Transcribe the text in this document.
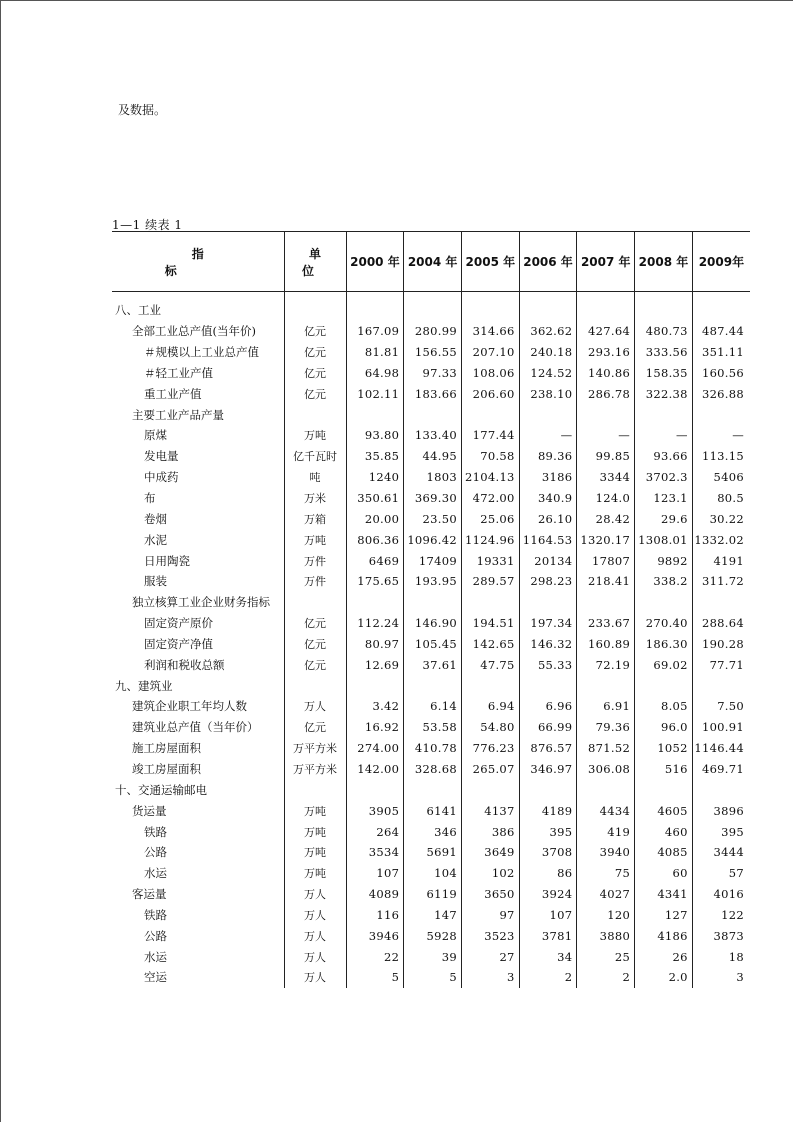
及数据。
1—1 续表 1
指标	单位	2000 年	2004 年	2005 年	2006 年	2007 年	2008 年	2009年
八、工业								
全部工业总产值(当年价)	亿元	167.09	280.99	314.66	362.62	427.64	480.73	487.44
＃规模以上工业总产值	亿元	81.81	156.55	207.10	240.18	293.16	333.56	351.11
＃轻工业产值	亿元	64.98	97.33	108.06	124.52	140.86	158.35	160.56
重工业产值	亿元	102.11	183.66	206.60	238.10	286.78	322.38	326.88
主要工业产品产量								
原煤	万吨	93.80	133.40	177.44	—	—	—	—
发电量	亿千瓦时	35.85	44.95	70.58	89.36	99.85	93.66	113.15
中成药	吨	1240	1803	2104.13	3186	3344	3702.3	5406
布	万米	350.61	369.30	472.00	340.9	124.0	123.1	80.5
卷烟	万箱	20.00	23.50	25.06	26.10	28.42	29.6	30.22
水泥	万吨	806.36	1096.42	1124.96	1164.53	1320.17	1308.01	1332.02
日用陶瓷	万件	6469	17409	19331	20134	17807	9892	4191
服装	万件	175.65	193.95	289.57	298.23	218.41	338.2	311.72
独立核算工业企业财务指标								
固定资产原价	亿元	112.24	146.90	194.51	197.34	233.67	270.40	288.64
固定资产净值	亿元	80.97	105.45	142.65	146.32	160.89	186.30	190.28
利润和税收总额	亿元	12.69	37.61	47.75	55.33	72.19	69.02	77.71
九、建筑业								
建筑企业职工年均人数	万人	3.42	6.14	6.94	6.96	6.91	8.05	7.50
建筑业总产值（当年价）	亿元	16.92	53.58	54.80	66.99	79.36	96.0	100.91
施工房屋面积	万平方米	274.00	410.78	776.23	876.57	871.52	1052	1146.44
竣工房屋面积	万平方米	142.00	328.68	265.07	346.97	306.08	516	469.71
十、交通运输邮电								
货运量	万吨	3905	6141	4137	4189	4434	4605	3896
铁路	万吨	264	346	386	395	419	460	395
公路	万吨	3534	5691	3649	3708	3940	4085	3444
水运	万吨	107	104	102	86	75	60	57
客运量	万人	4089	6119	3650	3924	4027	4341	4016
铁路	万人	116	147	97	107	120	127	122
公路	万人	3946	5928	3523	3781	3880	4186	3873
水运	万人	22	39	27	34	25	26	18
空运	万人	5	5	3	2	2	2.0	3
